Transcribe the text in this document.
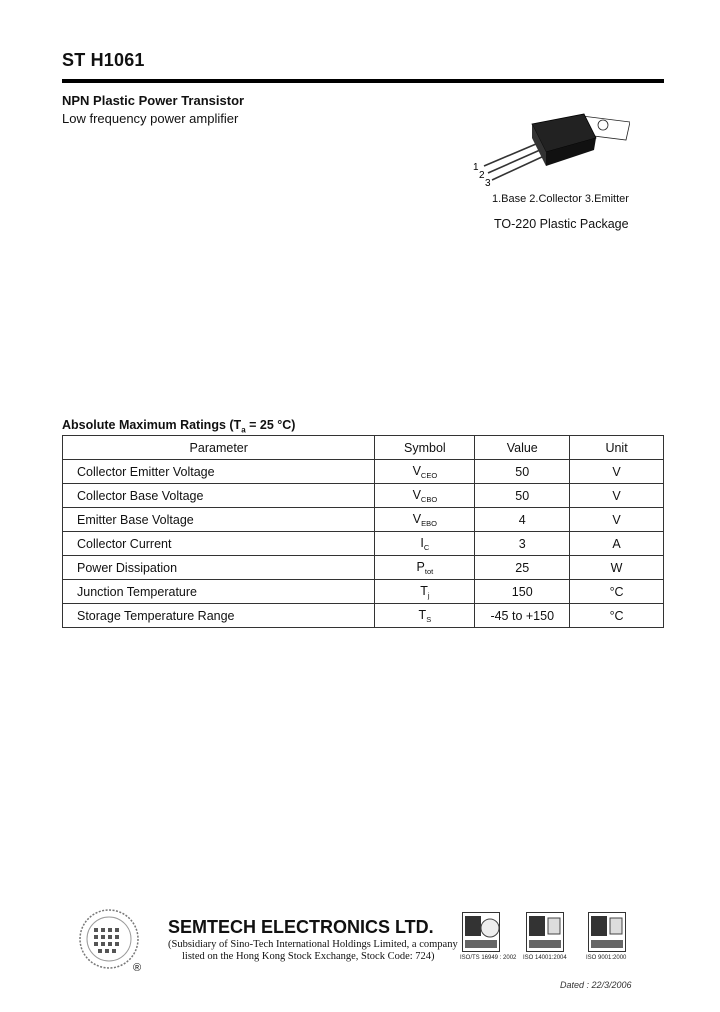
ST H1061
NPN Plastic Power Transistor
Low frequency power amplifier
1
2
3
1.Base 2.Collector 3.Emitter
TO-220 Plastic Package
Absolute Maximum Ratings ($T_a = 25$ °C)
Parameter	Symbol	Value	Unit
Collector Emitter Voltage	$V_{CEO}$	50	V
Collector Base Voltage	$V_{CBO}$	50	V
Emitter Base Voltage	$V_{EBO}$	4	V
Collector Current	$I_C$	3	A
Power Dissipation	$P_{tot}$	25	W
Junction Temperature	$T_j$	150	°C
Storage Temperature Range	$T_S$	-45 to +150	°C
®
SEMTECH ELECTRONICS LTD.
(Subsidiary of Sino-Tech International Holdings Limited, a company
listed on the Hong Kong Stock Exchange, Stock Code: 724)	ISO/TS 16949 : 2002 ISO 14001:2004	ISO 9001:2000
Dated : 22/3/2006
